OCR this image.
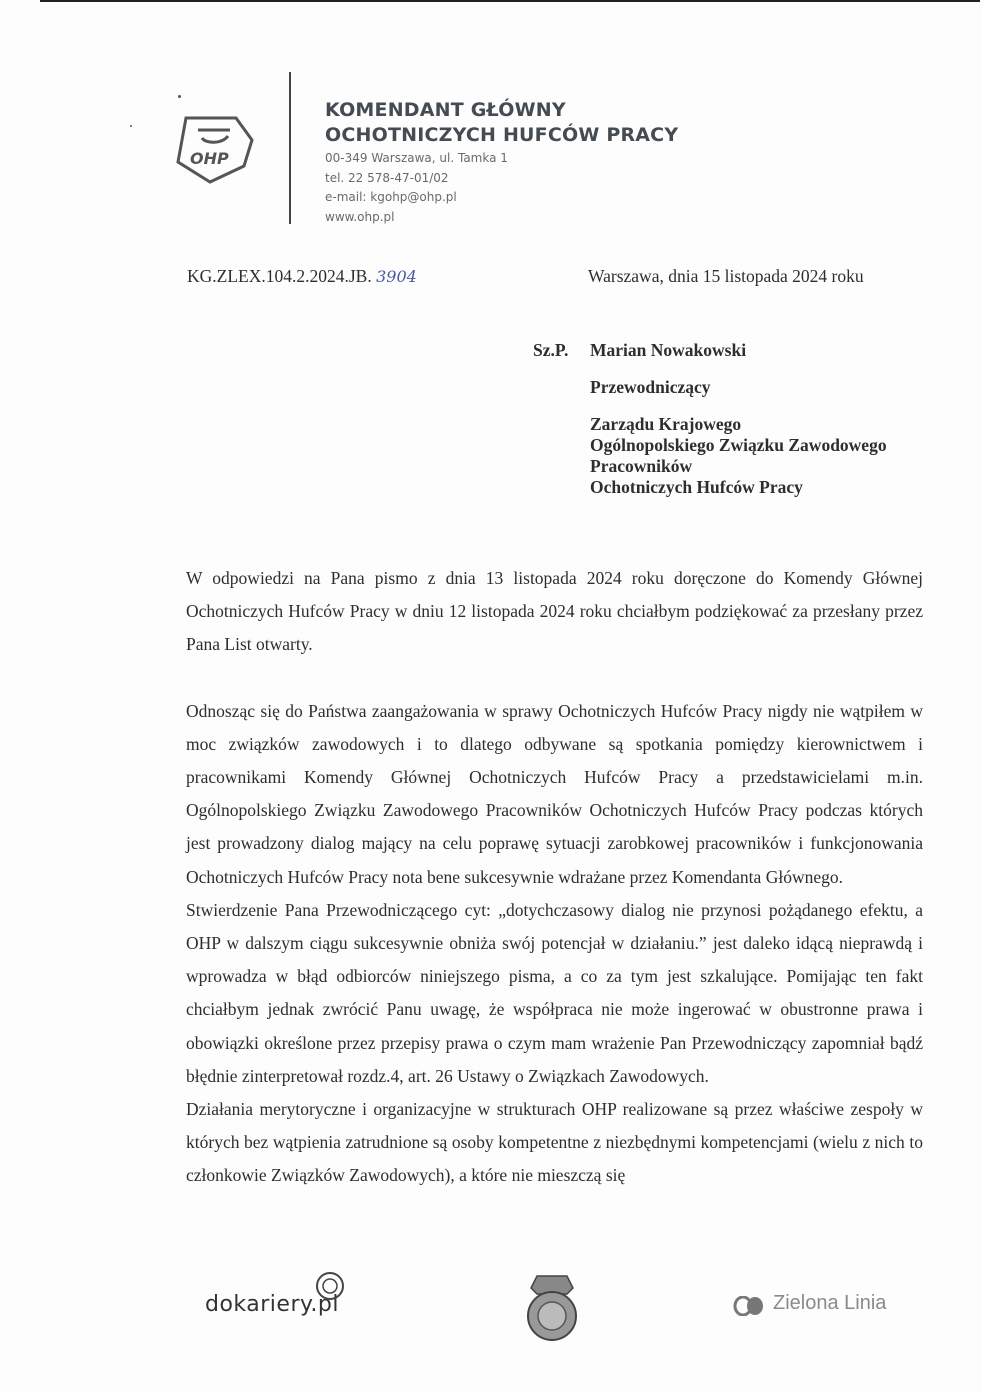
OHP
KOMENDANT GŁÓWNY
OCHOTNICZYCH HUFCÓW PRACY
00-349 Warszawa, ul. Tamka 1
tel. 22 578-47-01/02
e-mail: kgohp@ohp.pl
www.ohp.pl
KG.ZLEX.104.2.2024.JB. 3904	Warszawa, dnia 15 listopada 2024 roku
Sz.P. Marian Nowakowski
Przewodniczący
Zarządu Krajowego
Ogólnopolskiego Związku Zawodowego
Pracowników
Ochotniczych Hufców Pracy

W odpowiedzi na Pana pismo z dnia 13 listopada 2024 roku doręczone do Komendy Głównej Ochotniczych Hufców Pracy w dniu 12 listopada 2024 roku chciałbym podziękować za przesłany przez Pana List otwarty.

Odnosząc się do Państwa zaangażowania w sprawy Ochotniczych Hufców Pracy nigdy nie wątpiłem w moc związków zawodowych i to dlatego odbywane są spotkania pomiędzy kierownictwem i pracownikami Komendy Głównej Ochotniczych Hufców Pracy a przedstawicielami m.in. Ogólnopolskiego Związku Zawodowego Pracowników Ochotniczych Hufców Pracy podczas których jest prowadzony dialog mający na celu poprawę sytuacji zarobkowej pracowników i funkcjonowania Ochotniczych Hufców Pracy nota bene sukcesywnie wdrażane przez Komendanta Głównego.

Stwierdzenie Pana Przewodniczącego cyt: „dotychczasowy dialog nie przynosi pożądanego efektu, a OHP w dalszym ciągu sukcesywnie obniża swój potencjał w działaniu.” jest daleko idącą nieprawdą i wprowadza w błąd odbiorców niniejszego pisma, a co za tym jest szkalujące. Pomijając ten fakt chciałbym jednak zwrócić Panu uwagę, że współpraca nie może ingerować w obustronne prawa i obowiązki określone przez przepisy prawa o czym mam wrażenie Pan Przewodniczący zapomniał bądź błędnie zinterpretował rozdz.4, art. 26 Ustawy o Związkach Zawodowych.

Działania merytoryczne i organizacyjne w strukturach OHP realizowane są przez właściwe zespoły w których bez wątpienia zatrudnione są osoby kompetentne z niezbędnymi kompetencjami (wielu z nich to członkowie Związków Zawodowych), a które nie mieszczą się

dokariery.pl	Zielona Linia
